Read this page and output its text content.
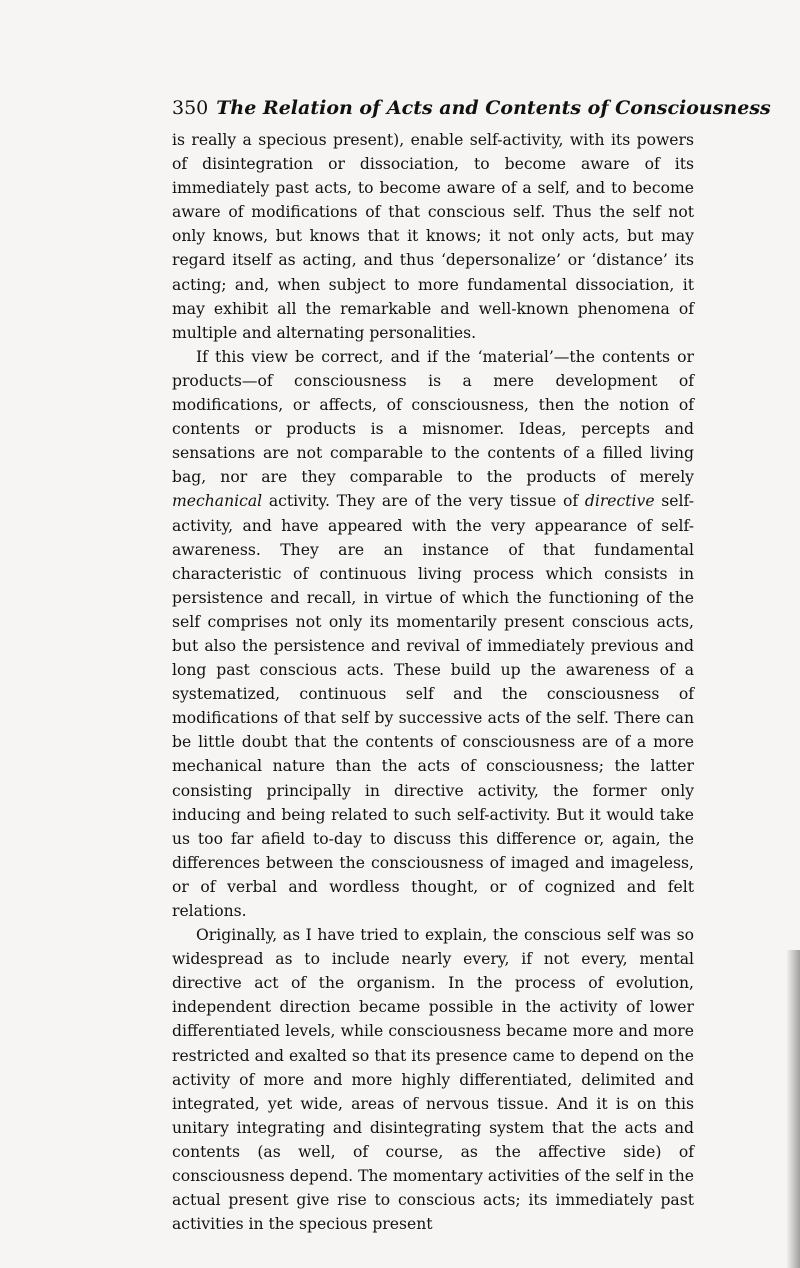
350 The Relation of Acts and Contents of Consciousness

is really a specious present), enable self-activity, with its powers of disintegration or dissociation, to become aware of its immediately past acts, to become aware of a self, and to become aware of modifications of that conscious self. Thus the self not only knows, but knows that it knows; it not only acts, but may regard itself as acting, and thus ‘depersonalize’ or ‘distance’ its acting; and, when subject to more fundamental dissociation, it may exhibit all the remarkable and well-known phenomena of multiple and alternating personalities.

If this view be correct, and if the ‘material’—the contents or products—of consciousness is a mere development of modifications, or affects, of consciousness, then the notion of contents or products is a misnomer. Ideas, percepts and sensations are not comparable to the contents of a filled living bag, nor are they comparable to the products of merely mechanical activity. They are of the very tissue of directive self-activity, and have appeared with the very appearance of self-awareness. They are an instance of that fundamental characteristic of continuous living process which consists in persistence and recall, in virtue of which the functioning of the self comprises not only its momentarily present conscious acts, but also the persistence and revival of immediately previous and long past conscious acts. These build up the awareness of a systematized, continuous self and the consciousness of modifications of that self by successive acts of the self. There can be little doubt that the contents of consciousness are of a more mechanical nature than the acts of consciousness; the latter consisting principally in directive activity, the former only inducing and being related to such self-activity. But it would take us too far afield to-day to discuss this difference or, again, the differences between the consciousness of imaged and imageless, or of verbal and wordless thought, or of cognized and felt relations.

Originally, as I have tried to explain, the conscious self was so widespread as to include nearly every, if not every, mental directive act of the organism. In the process of evolution, independent direction became possible in the activity of lower differentiated levels, while consciousness became more and more restricted and exalted so that its presence came to depend on the activity of more and more highly differentiated, delimited and integrated, yet wide, areas of nervous tissue. And it is on this unitary integrating and disintegrating system that the acts and contents (as well, of course, as the affective side) of consciousness depend. The momentary activities of the self in the actual present give rise to conscious acts; its immediately past activities in the specious present
